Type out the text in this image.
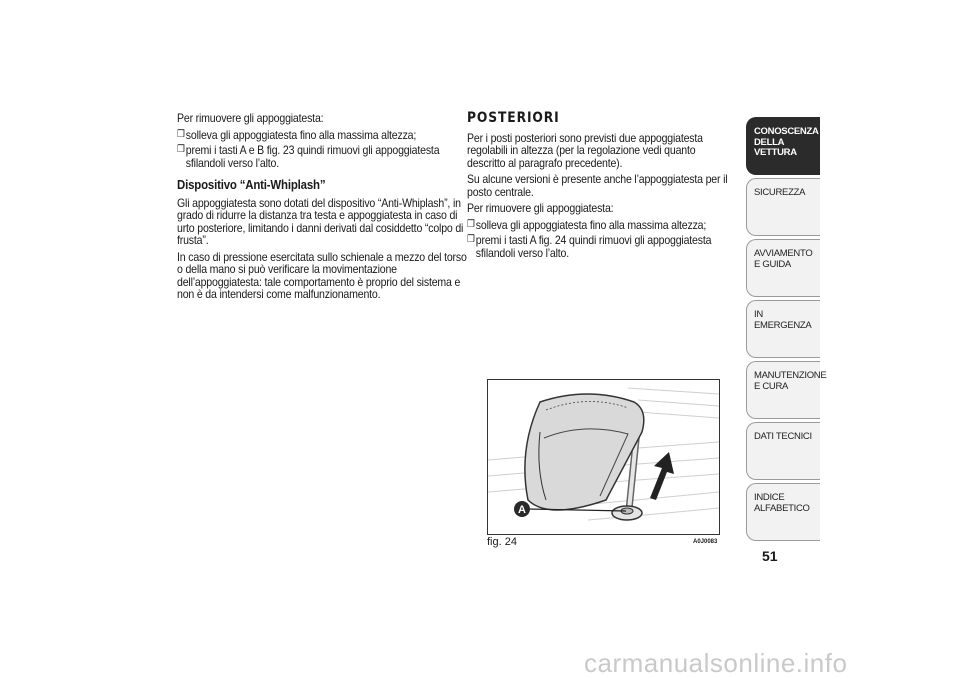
Per rimuovere gli appoggiatesta:

❒ solleva gli appoggiatesta fino alla massima altezza;
❒ premi i tasti A e B fig. 23 quindi rimuovi gli appoggiatesta sfilandoli verso l’alto.
Dispositivo “Anti-Whiplash”

Gli appoggiatesta sono dotati del dispositivo “Anti-Whiplash”, in grado di ridurre la distanza tra testa e appoggiatesta in caso di urto posteriore, limitando i danni derivati dal cosiddetto “colpo di frusta”.

In caso di pressione esercitata sullo schienale a mezzo del torso o della mano si può verificare la movimentazione dell’appoggiatesta: tale comportamento è proprio del sistema e non è da intendersi come malfunzionamento.

POSTERIORI

Per i posti posteriori sono previsti due appoggiatesta regolabili in altezza (per la regolazione vedi quanto descritto al paragrafo precedente).

Su alcune versioni è presente anche l’appoggiatesta per il posto centrale.

Per rimuovere gli appoggiatesta:

❒ solleva gli appoggiatesta fino alla massima altezza;
❒ premi i tasti A fig. 24 quindi rimuovi gli appoggiatesta sfilandoli verso l’alto.
A
fig. 24	A0J0083
CONOSCENZA DELLA VETTURA
SICUREZZA
AVVIAMENTO E GUIDA
IN EMERGENZA
MANUTENZIONE E CURA
DATI TECNICI
INDICE ALFABETICO
51
carmanualsonline.info
